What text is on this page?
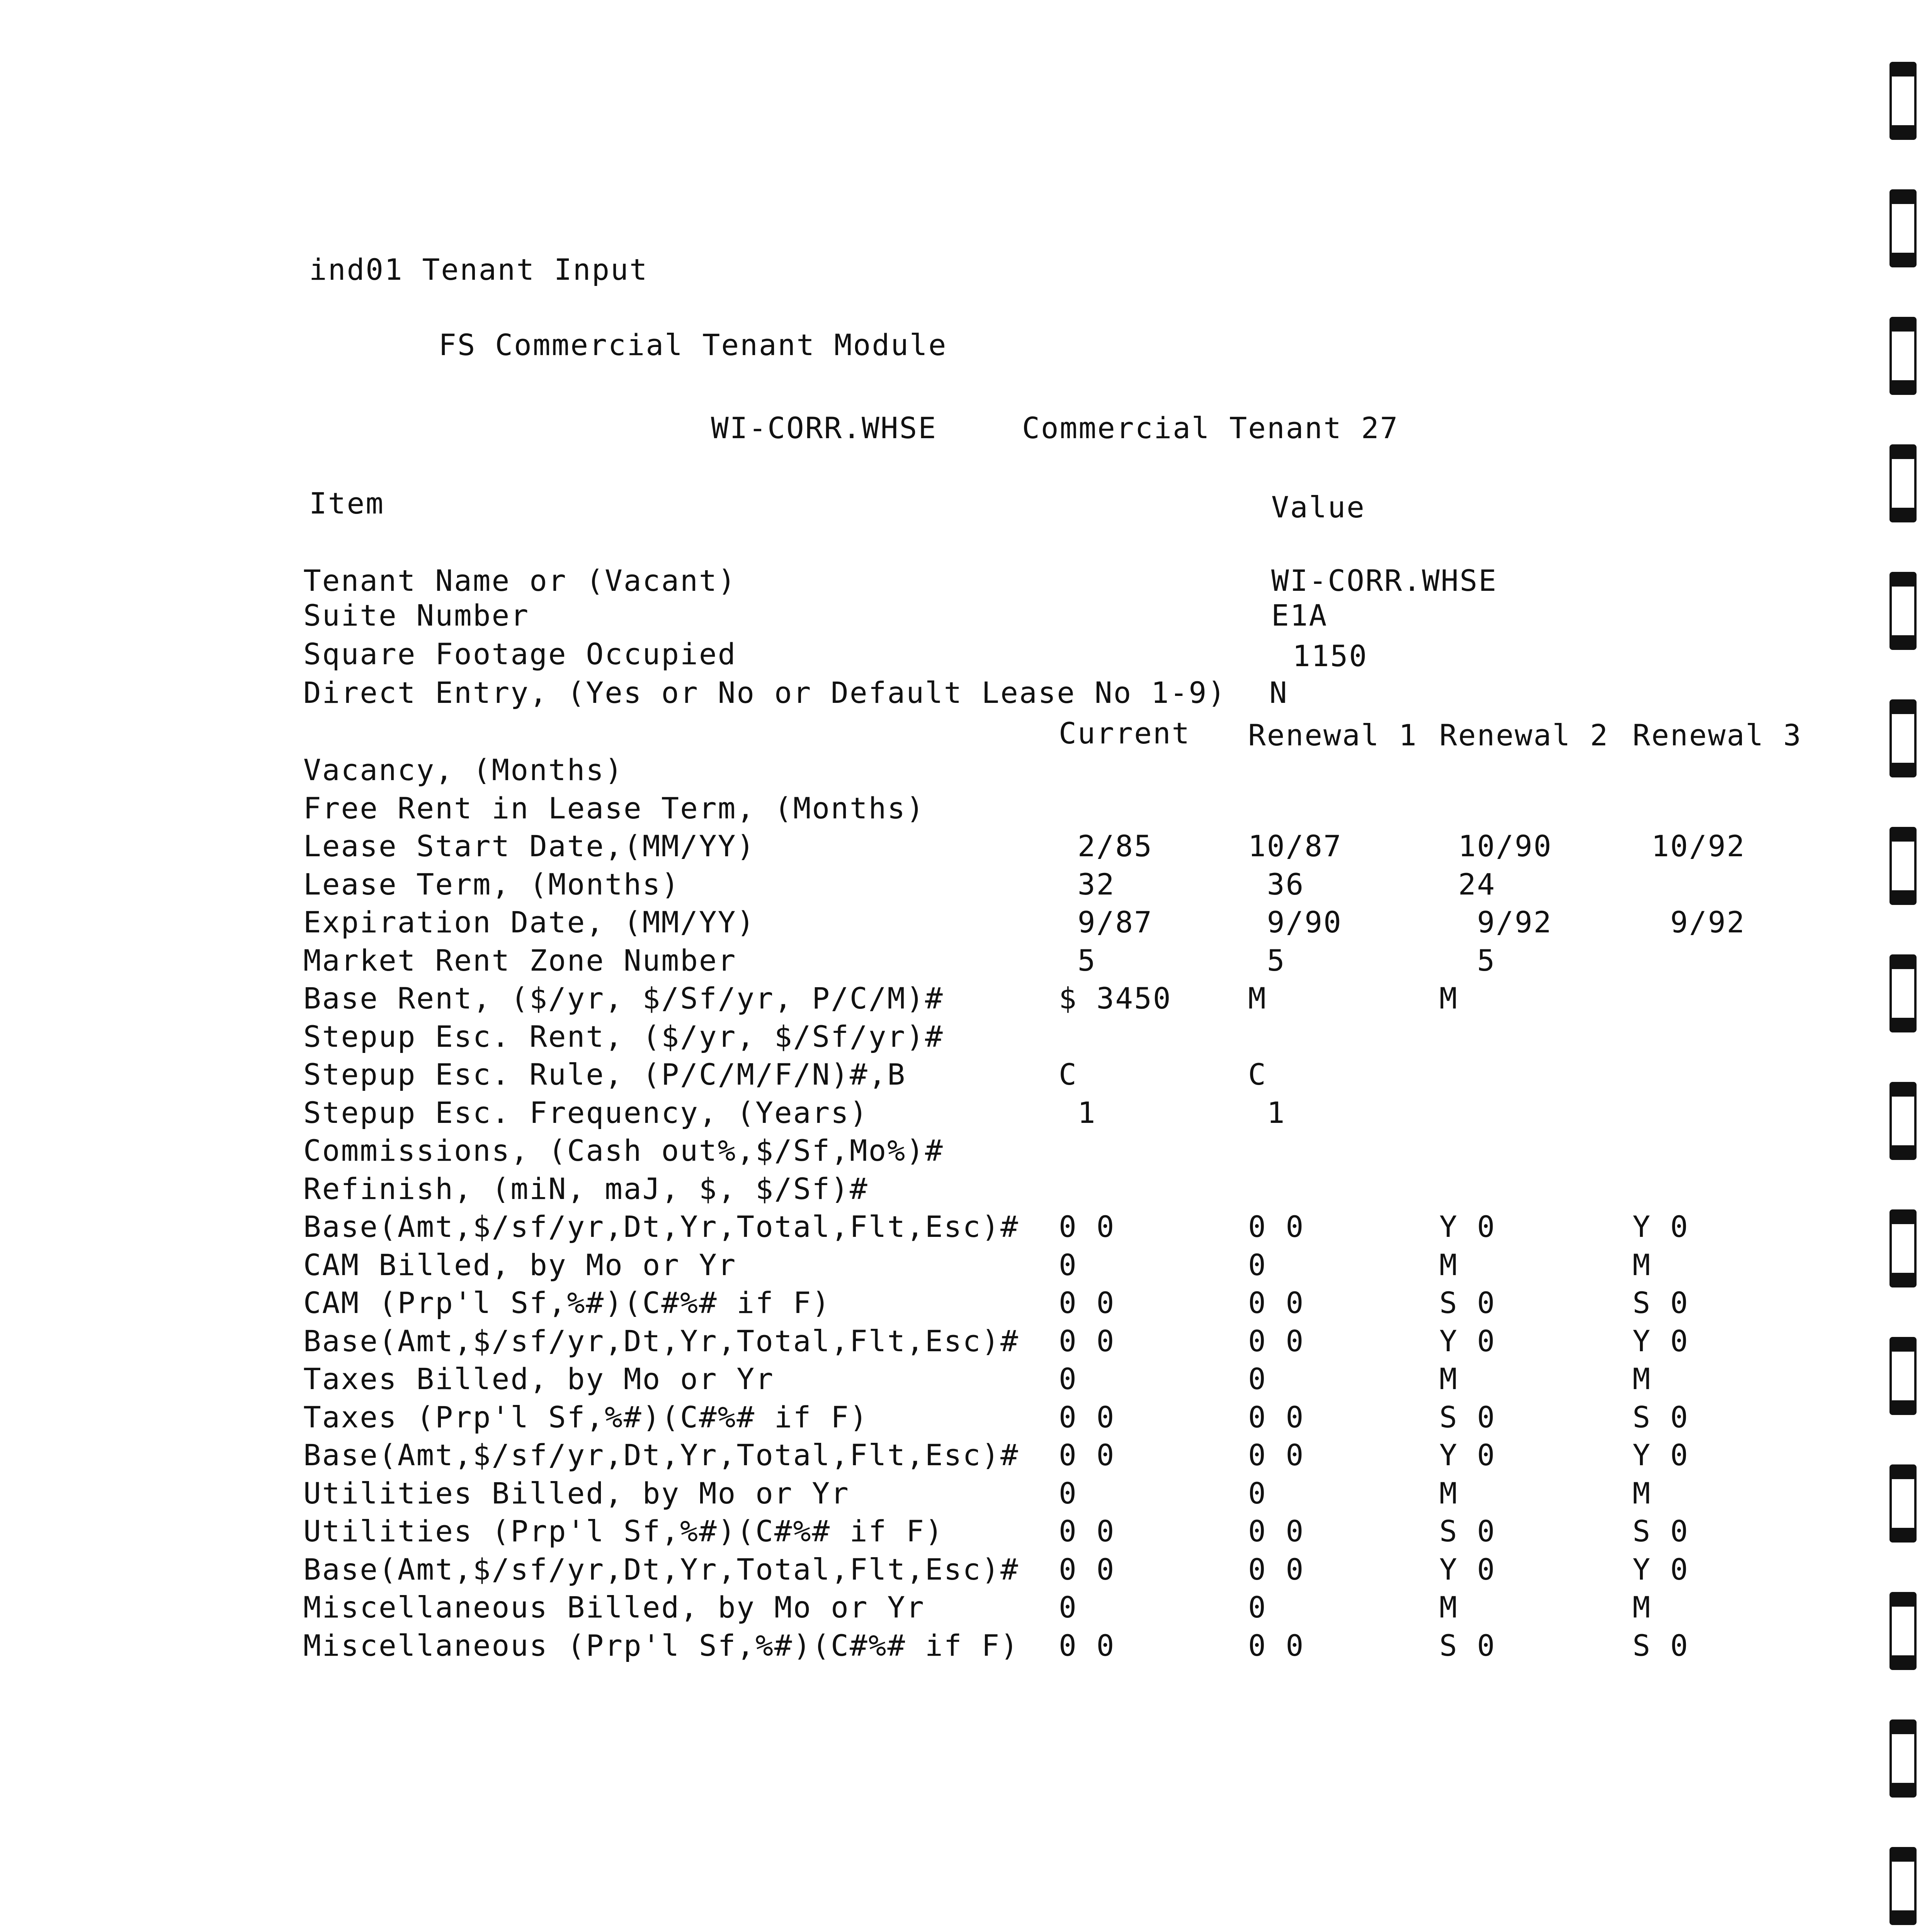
ind01 Tenant Input
FS Commercial Tenant Module
WI-CORR.WHSE	Commercial Tenant 27
Item	Value
Tenant Name or (Vacant)	WI-CORR.WHSE
Suite Number	E1A
Square Footage Occupied	1150
Direct Entry, (Yes or No or Default Lease No 1-9) N
Current Renewal 1 Renewal 2 Renewal 3
Vacancy, (Months)
Free Rent in Lease Term, (Months)
Lease Start Date,(MM/YY)	2/85	10/87	10/90	10/92
Lease Term, (Months)	32	36	24
Expiration Date, (MM/YY)	9/87	9/90	9/92	9/92
Market Rent Zone Number	5	5	5
Base Rent, ($/yr, $/Sf/yr, P/C/M)#	$ 3450	M	M
Stepup Esc. Rent, ($/yr, $/Sf/yr)#
Stepup Esc. Rule, (P/C/M/F/N)#,B	C	C
Stepup Esc. Frequency, (Years)	1	1
Commissions, (Cash out%,$/Sf,Mo%)#
Refinish, (miN, maJ, $, $/Sf)#
Base(Amt,$/sf/yr,Dt,Yr,Total,Flt,Esc)# 0 0	0 0	Y 0	Y 0
CAM Billed, by Mo or Yr	0	0	M	M
CAM (Prp'l Sf,%#)(C#%# if F)	0 0	0 0	S 0	S 0
Base(Amt,$/sf/yr,Dt,Yr,Total,Flt,Esc)# 0 0	0 0	Y 0	Y 0
Taxes Billed, by Mo or Yr	0	0	M	M
Taxes (Prp'l Sf,%#)(C#%# if F)	0 0	0 0	S 0	S 0
Base(Amt,$/sf/yr,Dt,Yr,Total,Flt,Esc)# 0 0	0 0	Y 0	Y 0
Utilities Billed, by Mo or Yr	0	0	M	M
Utilities (Prp'l Sf,%#)(C#%# if F)	0 0	0 0	S 0	S 0
Base(Amt,$/sf/yr,Dt,Yr,Total,Flt,Esc)# 0 0	0 0	Y 0	Y 0
Miscellaneous Billed, by Mo or Yr	0	0	M	M
Miscellaneous (Prp'l Sf,%#)(C#%# if F) 0 0	0 0	S 0	S 0
